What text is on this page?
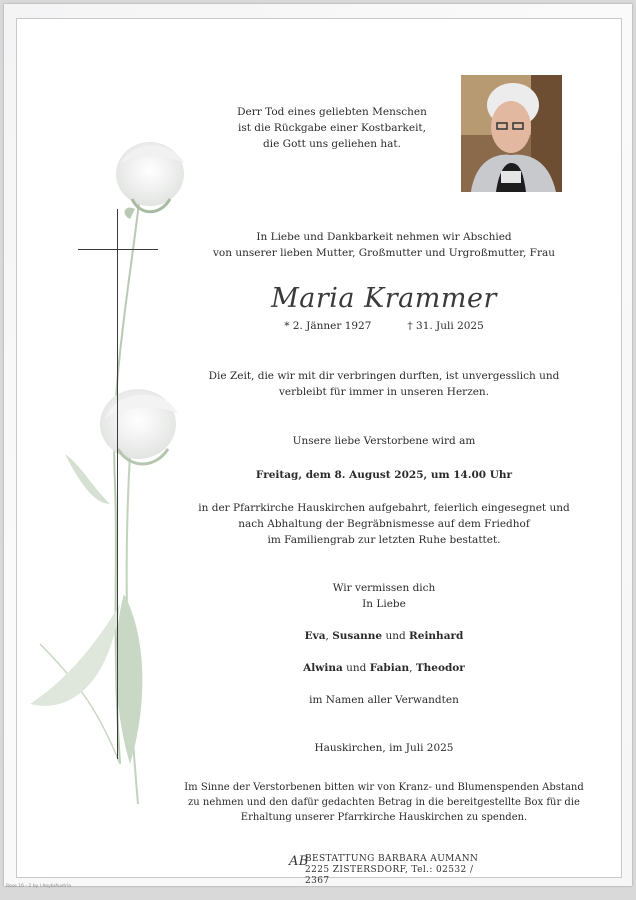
Derr Tod eines geliebten Menschen
ist die Rückgabe einer Kostbarkeit,
die Gott uns geliehen hat.
In Liebe und Dankbarkeit nehmen wir Abschied
von unserer lieben Mutter, Großmutter und Urgroßmutter, Frau
Maria Krammer
* 2. Jänner 1927	† 31. Juli 2025
Die Zeit, die wir mit dir verbringen durften, ist unvergesslich und
verbleibt für immer in unseren Herzen.
Unsere liebe Verstorbene wird am
Freitag, dem 8. August 2025, um 14.00 Uhr
in der Pfarrkirche Hauskirchen aufgebahrt, feierlich eingesegnet und
nach Abhaltung der Begräbnismesse auf dem Friedhof
im Familiengrab zur letzten Ruhe bestattet.
Wir vermissen dich
In Liebe
Eva, Susanne und Reinhard
Alwina und Fabian, Theodor
im Namen aller Verwandten
Hauskirchen, im Juli 2025
Im Sinne der Verstorbenen bitten wir von Kranz- und Blumenspenden Abstand
zu nehmen und den dafür gedachten Betrag in die bereitgestellte Box für die
Erhaltung unserer Pfarrkirche Hauskirchen zu spenden.
AB
BESTATTUNG BARBARA AUMANN
2225 ZISTERSDORF, Tel.: 02532 / 2367
Rose 16 - 2 by l Aoyb/Austria
